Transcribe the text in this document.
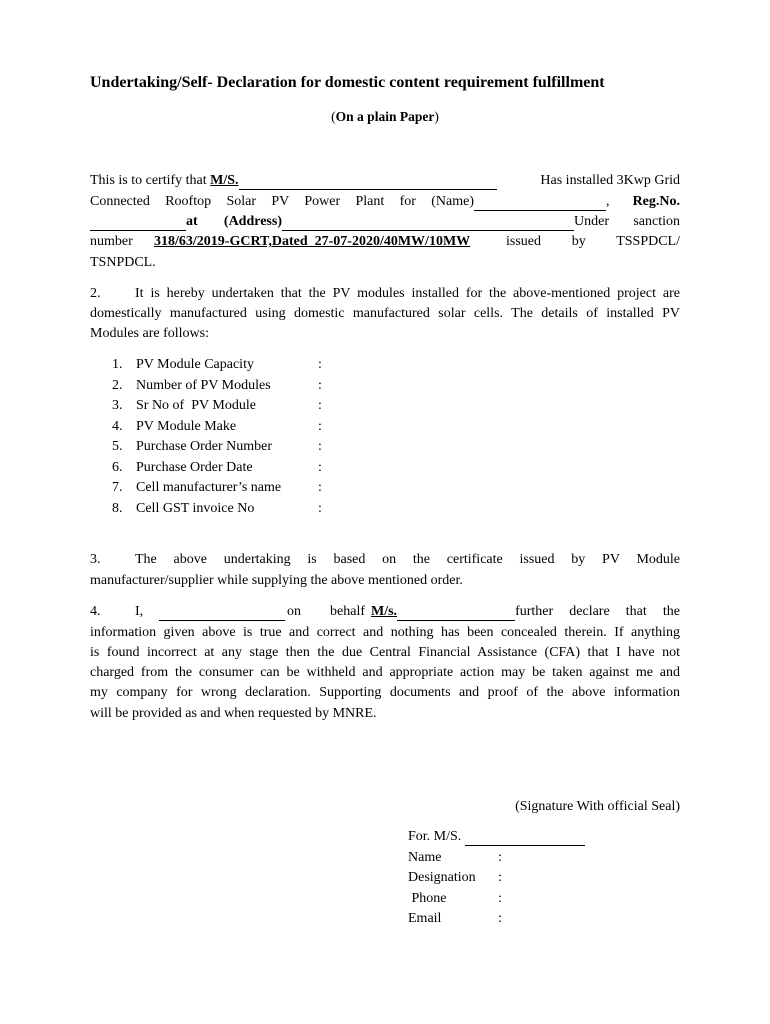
Undertaking/Self- Declaration for domestic content requirement fulfillment
(On a plain Paper)
This is to certify that M/S.	Has installed 3Kwp Grid
Connected Rooftop Solar PV Power Plant for (Name)	,	Reg.No.
at (Address)	Under sanction
number	318/63/2019-GCRT,Dated  27-07-2020/40MW/10MW	issued by TSSPDCL/
TSNPDCL.
2.	It is hereby undertaken that the PV modules installed for the above-mentioned project are
domestically manufactured using domestic manufactured solar cells. The details of installed PV
Modules are follows:
1. PV Module Capacity	:
2. Number of PV Modules	:
3. Sr No of  PV Module	:
4. PV Module Make	:
5. Purchase Order Number	:
6. Purchase Order Date	:
7. Cell manufacturer’s name	:
8. Cell GST invoice No	:
3.	The above undertaking is based on the certificate issued by PV Module
manufacturer/supplier while supplying the above mentioned order.
4.	I,	on behalf M/s.	further declare that the
information given above is true and correct and nothing has been concealed therein. If anything
is found incorrect at any stage then the due Central Financial Assistance (CFA) that I have not
charged from the consumer can be withheld and appropriate action may be taken against me and
my company for wrong declaration. Supporting documents and proof of the above information
will be provided as and when requested by MNRE.
(Signature With official Seal)
For. M/S.
Name	:
Designation	:
Phone	:
Email	:
